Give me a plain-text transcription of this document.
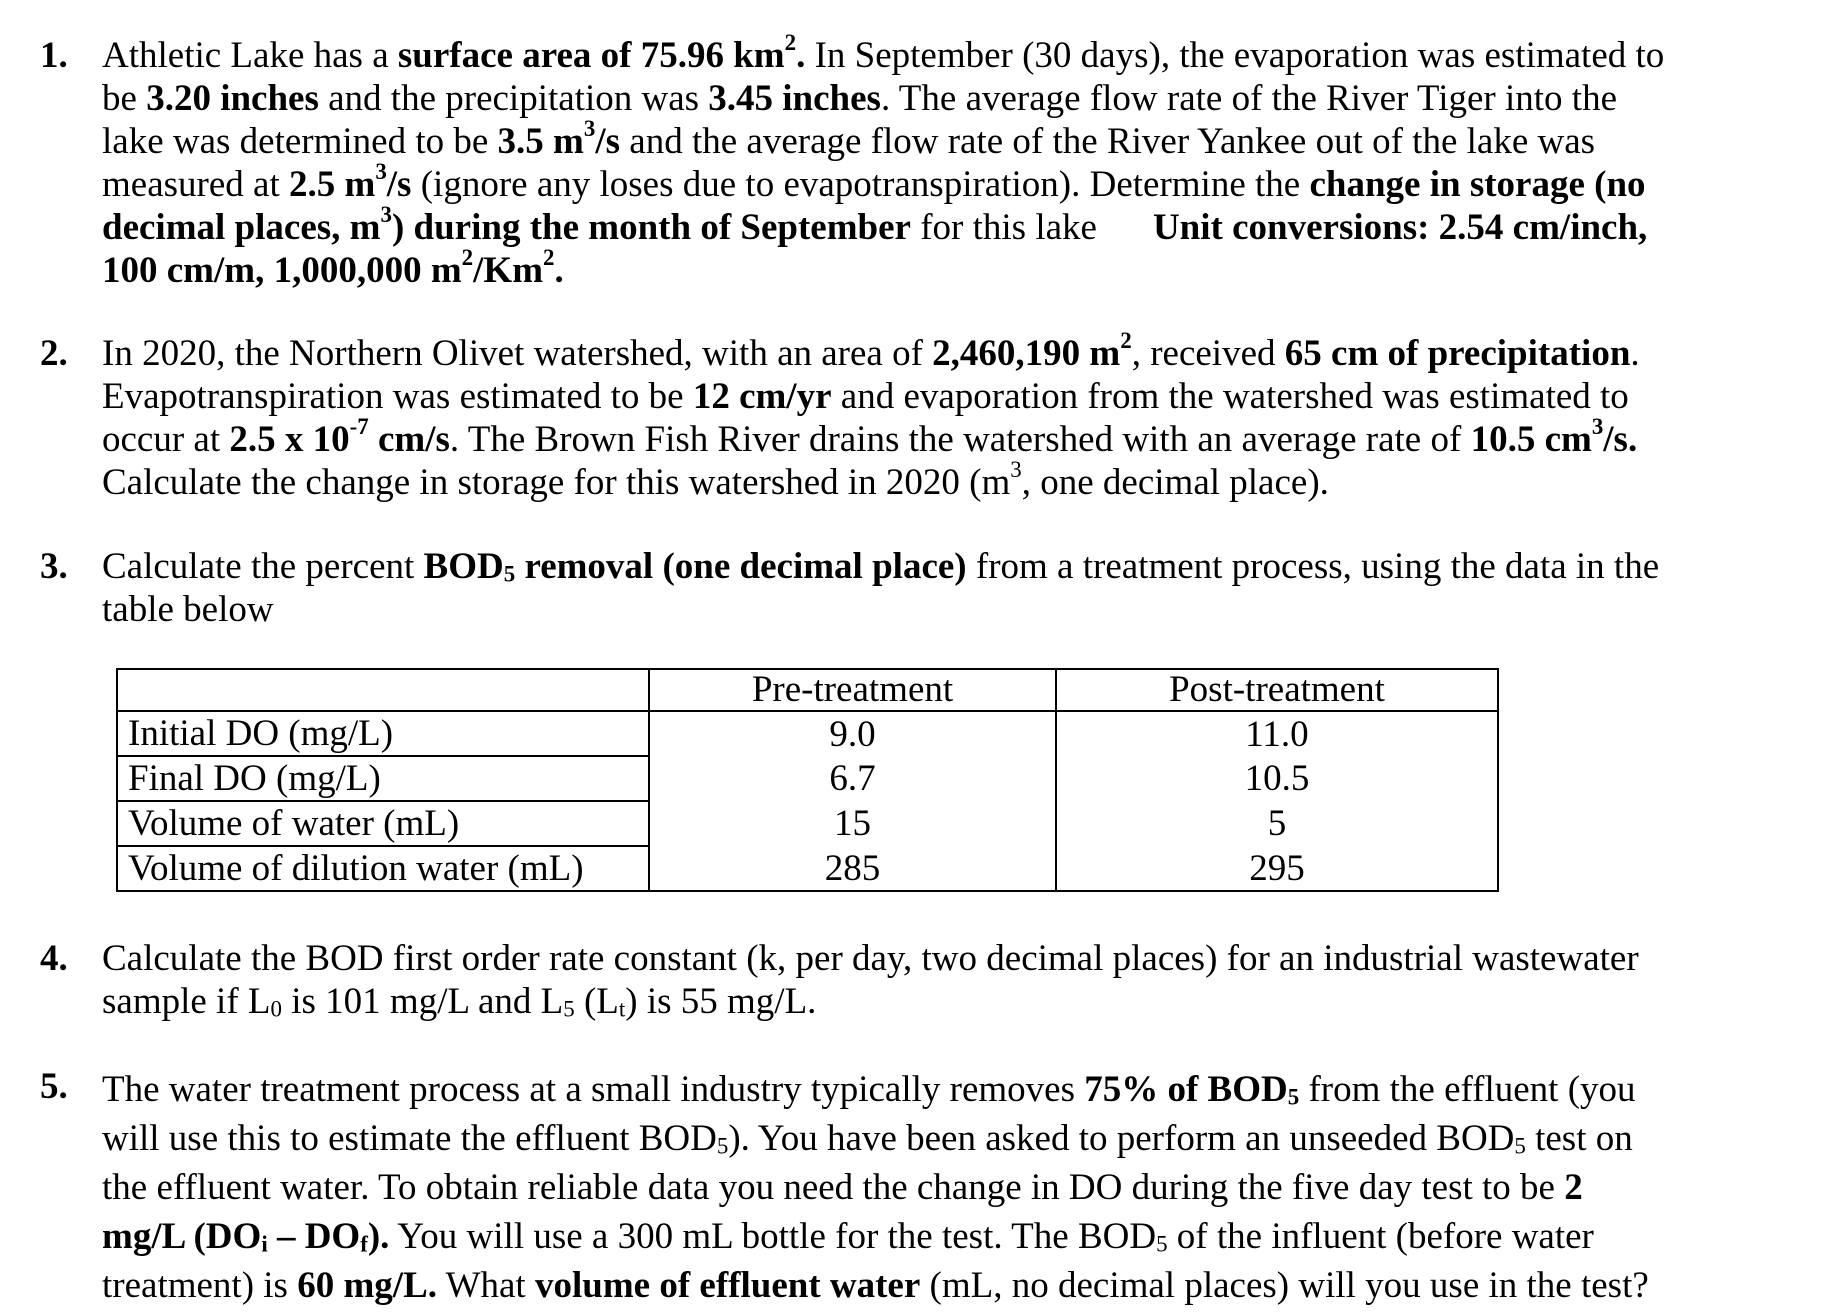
1. Athletic Lake has a surface area of 75.96 $km^2$. In September (30 days), the evaporation was estimated to
be 3.20 inches and the precipitation was 3.45 inches. The average flow rate of the River Tiger into the
lake was determined to be 3.5 $m^3/s$ and the average flow rate of the River Yankee out of the lake was
measured at 2.5 $m^3/s$ (ignore any loses due to evapotranspiration). Determine the change in storage (no
decimal places, $m^3$) during the month of September for this lake Unit conversions: 2.54 cm/inch,
100 cm/m, 1,000,000 $m^2/Km^2$.
2. In 2020, the Northern Olivet watershed, with an area of 2,460,190 $m^2$, received 65 cm of precipitation.
Evapotranspiration was estimated to be 12 cm/yr and evaporation from the watershed was estimated to
occur at 2.5 x $10^{-7}$ cm/s. The Brown Fish River drains the watershed with an average rate of 10.5 $cm^3/s$.
Calculate the change in storage for this watershed in 2020 ($m^3$, one decimal place).
3. Calculate the percent $BOD_5$ removal (one decimal place) from a treatment process, using the data in the
table below
	Pre-treatment	Post-treatment
Initial DO (mg/L)	9.0	11.0
Final DO (mg/L)	6.7	10.5
Volume of water (mL)	15	5
Volume of dilution water (mL)	285	295
4. Calculate the BOD first order rate constant (k, per day, two decimal places) for an industrial wastewater
sample if $L_0$ is 101 mg/L and $L_5$ $(L_t)$ is 55 mg/L.
5. The water treatment process at a small industry typically removes 75% of $BOD_5$ from the effluent (you
will use this to estimate the effluent $BOD_5$). You have been asked to perform an unseeded $BOD_5$ test on
the effluent water. To obtain reliable data you need the change in DO during the five day test to be 2
mg/L $(DO_i - DO_f)$. You will use a 300 mL bottle for the test. The $BOD_5$ of the influent (before water
treatment) is 60 mg/L. What volume of effluent water (mL, no decimal places) will you use in the test?
